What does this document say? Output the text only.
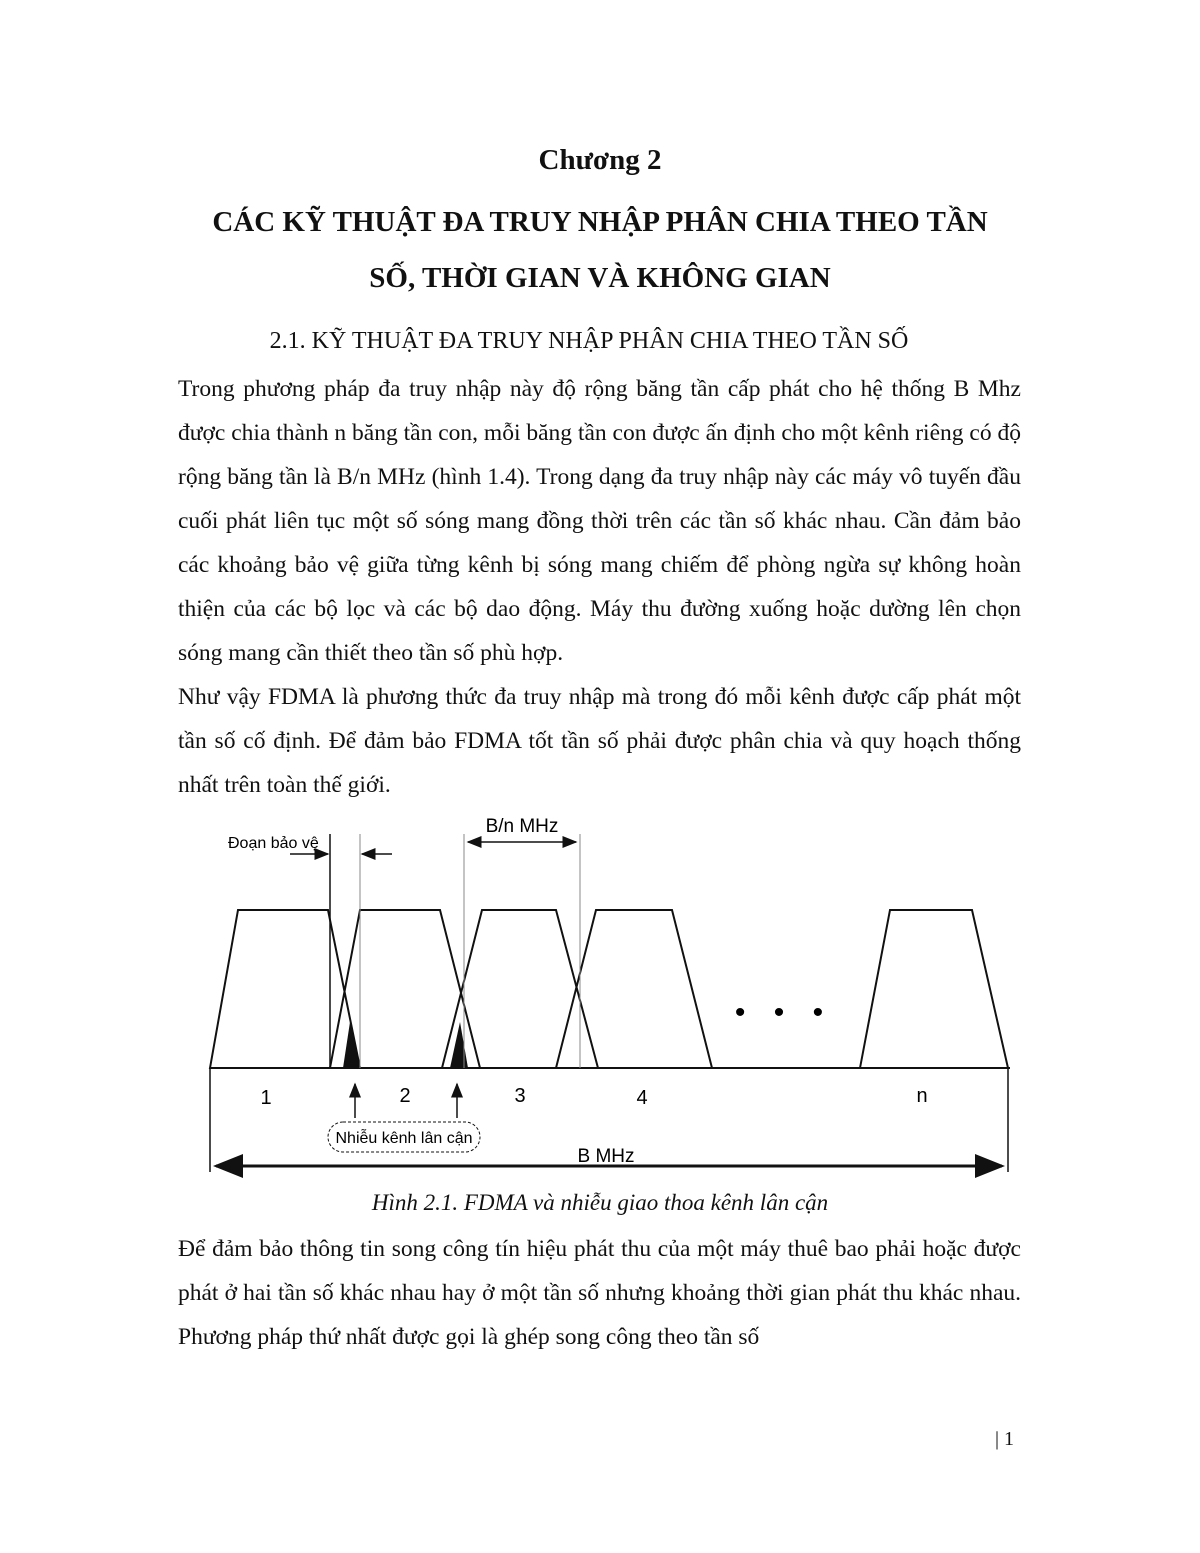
Chương 2
CÁC KỸ THUẬT ĐA TRUY NHẬP PHÂN CHIA THEO TẦN
SỐ, THỜI GIAN VÀ KHÔNG GIAN
2.1. KỸ THUẬT ĐA TRUY NHẬP PHÂN CHIA THEO TẦN SỐ

Trong phương pháp đa truy nhập này độ rộng băng tần cấp phát cho hệ thống B Mhz được chia thành n băng tần con, mỗi băng tần con được ấn định cho một kênh riêng có độ rộng băng tần là B/n MHz (hình 1.4). Trong dạng đa truy nhập này các máy vô tuyến đầu cuối phát liên tục một số sóng mang đồng thời trên các tần số khác nhau. Cần đảm bảo các khoảng bảo vệ giữa từng kênh bị sóng mang chiếm để phòng ngừa sự không hoàn thiện của các bộ lọc và các bộ dao động. Máy thu đường xuống hoặc dường lên chọn sóng mang cần thiết theo tần số phù hợp.

Như vậy FDMA là phương thức đa truy nhập mà trong đó mỗi kênh được cấp phát một tần số cố định. Để đảm bảo FDMA tốt tần số phải được phân chia và quy hoạch thống nhất trên toàn thế giới.

Đoạn bảo vệ
B/n MHz
• • •
1	2	3	4	n
Nhiễu kênh lân cận
B MHz
Hình 2.1. FDMA và nhiễu giao thoa kênh lân cận

Để đảm bảo thông tin song công tín hiệu phát thu của một máy thuê bao phải hoặc được phát ở hai tần số khác nhau hay ở một tần số nhưng khoảng thời gian phát thu khác nhau. Phương pháp thứ nhất được gọi là ghép song công theo tần số

| 1
